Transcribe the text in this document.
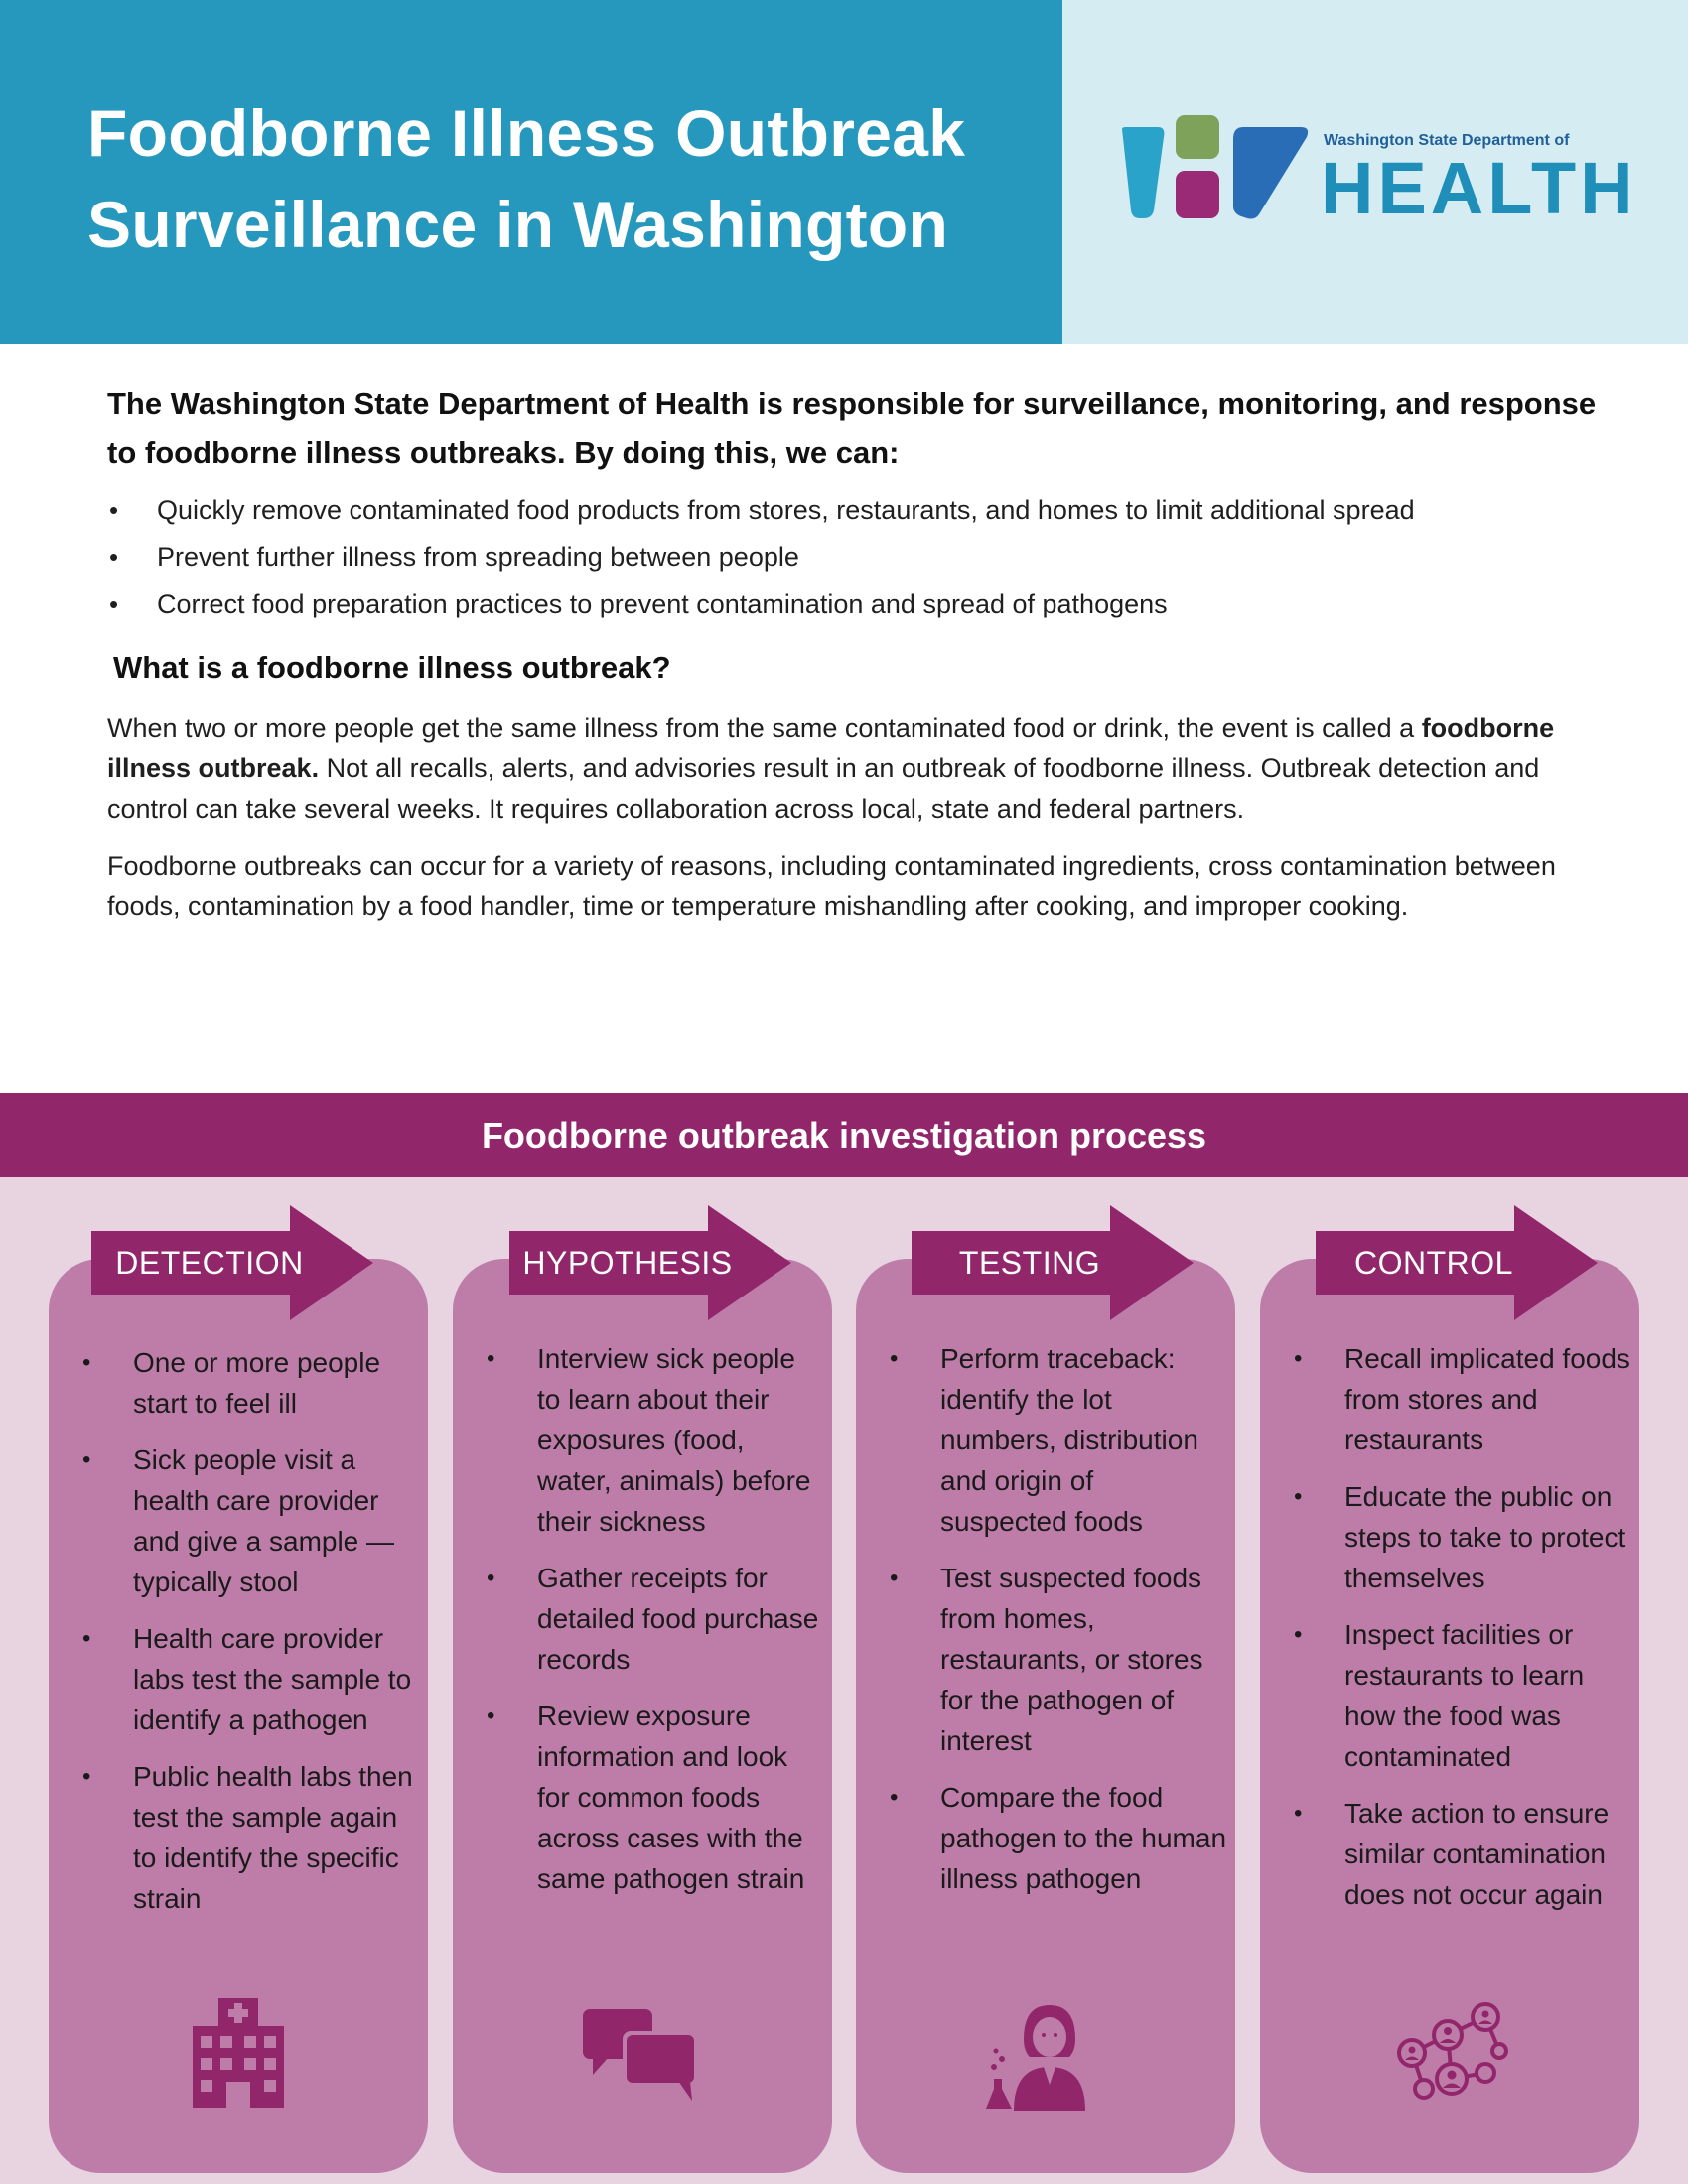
Foodborne Illness Outbreak
Surveillance in Washington
Washington State Department of
HEALTH

The Washington State Department of Health is responsible for surveillance, monitoring, and response to foodborne illness outbreaks. By doing this, we can:

• Quickly remove contaminated food products from stores, restaurants, and homes to limit additional spread
• Prevent further illness from spreading between people
• Correct food preparation practices to prevent contamination and spread of pathogens
What is a foodborne illness outbreak?

When two or more people get the same illness from the same contaminated food or drink, the event is called a foodborne illness outbreak. Not all recalls, alerts, and advisories result in an outbreak of foodborne illness. Outbreak detection and control can take several weeks. It requires collaboration across local, state and federal partners.

Foodborne outbreaks can occur for a variety of reasons, including contaminated ingredients, cross contamination between foods, contamination by a food handler, time or temperature mishandling after cooking, and improper cooking.

Foodborne outbreak investigation process
• One or more people start to feel ill
• Sick people visit a health care provider and give a sample — typically stool
• Health care provider labs test the sample to identify a pathogen
• Public health labs then test the sample again to identify the specific strain
DETECTION
• Interview sick people to learn about their exposures (food, water, animals) before their sickness
• Gather receipts for detailed food purchase records
• Review exposure information and look for common foods across cases with the same pathogen strain
HYPOTHESIS
• Perform traceback: identify the lot numbers, distribution and origin of suspected foods
• Test suspected foods from homes, restaurants, or stores for the pathogen of interest
• Compare the food pathogen to the human illness pathogen
TESTING
• Recall implicated foods from stores and restaurants
• Educate the public on steps to take to protect themselves
• Inspect facilities or restaurants to learn how the food was contaminated
• Take action to ensure similar contamination does not occur again
CONTROL
